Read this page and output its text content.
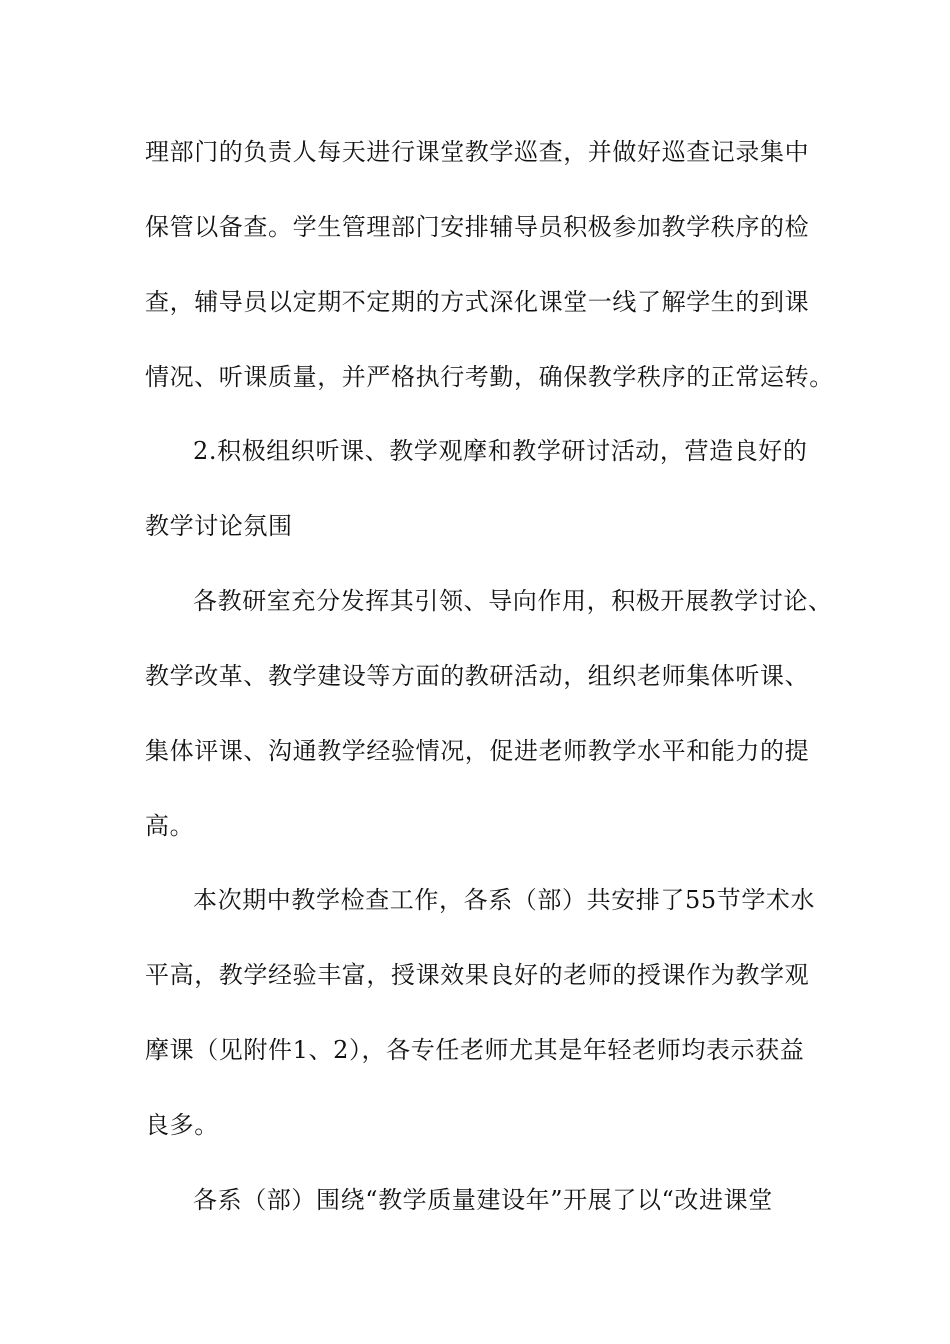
理部门的负责人每天进行课堂教学巡查，并做好巡查记录集中
保管以备查。学生管理部门安排辅导员积极参加教学秩序的检
查，辅导员以定期不定期的方式深化课堂一线了解学生的到课
情况、听课质量，并严格执行考勤，确保教学秩序的正常运转。
2.积极组织听课、教学观摩和教学研讨活动，营造良好的
教学讨论氛围
各教研室充分发挥其引领、导向作用，积极开展教学讨论、
教学改革、教学建设等方面的教研活动，组织老师集体听课、
集体评课、沟通教学经验情况，促进老师教学水平和能力的提
高。
本次期中教学检查工作，各系（部）共安排了55节学术水
平高，教学经验丰富，授课效果良好的老师的授课作为教学观
摩课（见附件1、2），各专任老师尤其是年轻老师均表示获益
良多。
各系（部）围绕“教学质量建设年”开展了以“改进课堂
